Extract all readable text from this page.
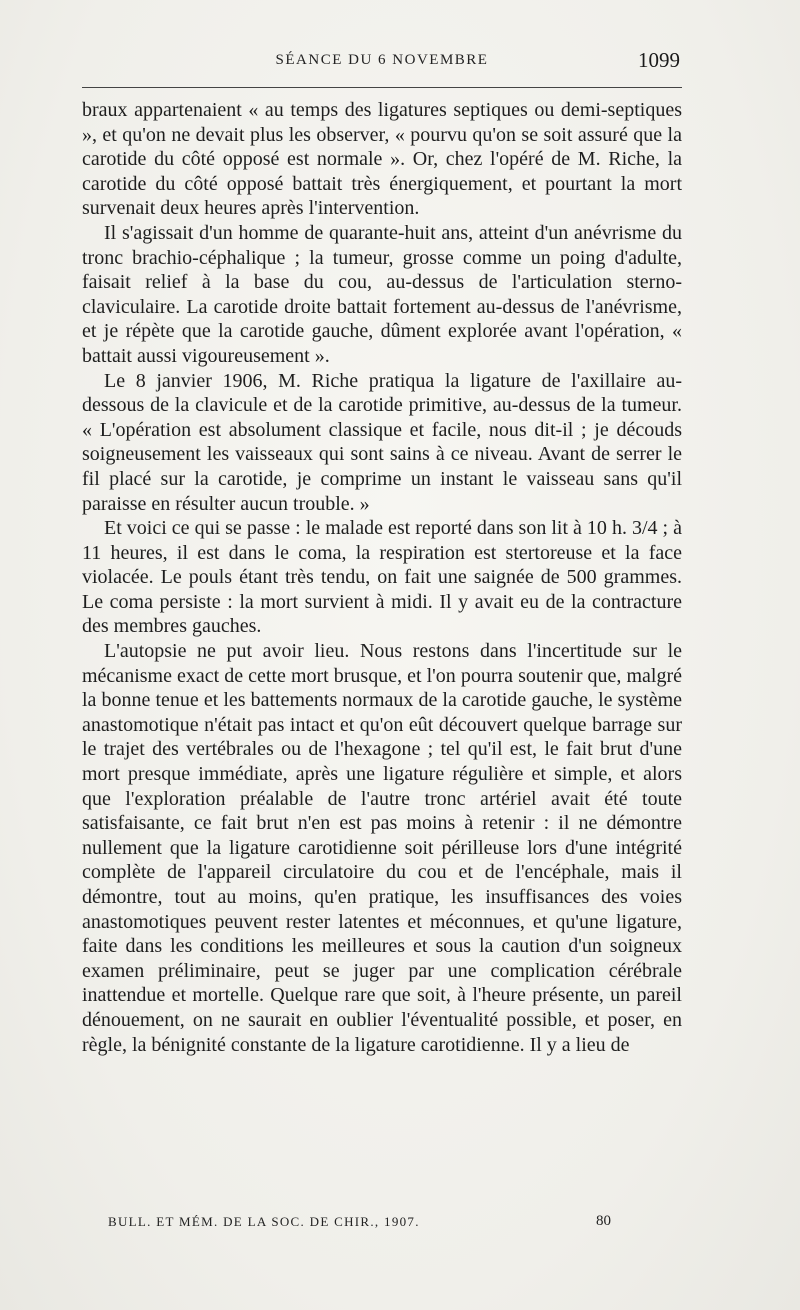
SÉANCE DU 6 NOVEMBRE	1099

braux appartenaient « au temps des ligatures septiques ou demi-septiques », et qu'on ne devait plus les observer, « pourvu qu'on se soit assuré que la carotide du côté opposé est normale ». Or, chez l'opéré de M. Riche, la carotide du côté opposé battait très énergiquement, et pourtant la mort survenait deux heures après l'intervention.

Il s'agissait d'un homme de quarante-huit ans, atteint d'un anévrisme du tronc brachio-céphalique ; la tumeur, grosse comme un poing d'adulte, faisait relief à la base du cou, au-dessus de l'articulation sterno-claviculaire. La carotide droite battait fortement au-dessus de l'anévrisme, et je répète que la carotide gauche, dûment explorée avant l'opération, « battait aussi vigoureusement ».

Le 8 janvier 1906, M. Riche pratiqua la ligature de l'axillaire au-dessous de la clavicule et de la carotide primitive, au-dessus de la tumeur. « L'opération est absolument classique et facile, nous dit-il ; je découds soigneusement les vaisseaux qui sont sains à ce niveau. Avant de serrer le fil placé sur la carotide, je comprime un instant le vaisseau sans qu'il paraisse en résulter aucun trouble. »

Et voici ce qui se passe : le malade est reporté dans son lit à 10 h. 3/4 ; à 11 heures, il est dans le coma, la respiration est stertoreuse et la face violacée. Le pouls étant très tendu, on fait une saignée de 500 grammes. Le coma persiste : la mort survient à midi. Il y avait eu de la contracture des membres gauches.

L'autopsie ne put avoir lieu. Nous restons dans l'incertitude sur le mécanisme exact de cette mort brusque, et l'on pourra soutenir que, malgré la bonne tenue et les battements normaux de la carotide gauche, le système anastomotique n'était pas intact et qu'on eût découvert quelque barrage sur le trajet des vertébrales ou de l'hexagone ; tel qu'il est, le fait brut d'une mort presque immédiate, après une ligature régulière et simple, et alors que l'exploration préalable de l'autre tronc artériel avait été toute satisfaisante, ce fait brut n'en est pas moins à retenir : il ne démontre nullement que la ligature carotidienne soit périlleuse lors d'une intégrité complète de l'appareil circulatoire du cou et de l'encéphale, mais il démontre, tout au moins, qu'en pratique, les insuffisances des voies anastomotiques peuvent rester latentes et méconnues, et qu'une ligature, faite dans les conditions les meilleures et sous la caution d'un soigneux examen préliminaire, peut se juger par une complication cérébrale inattendue et mortelle. Quelque rare que soit, à l'heure présente, un pareil dénouement, on ne saurait en oublier l'éventualité possible, et poser, en règle, la bénignité constante de la ligature carotidienne. Il y a lieu de

BULL. ET MÉM. DE LA SOC. DE CHIR., 1907.	80
